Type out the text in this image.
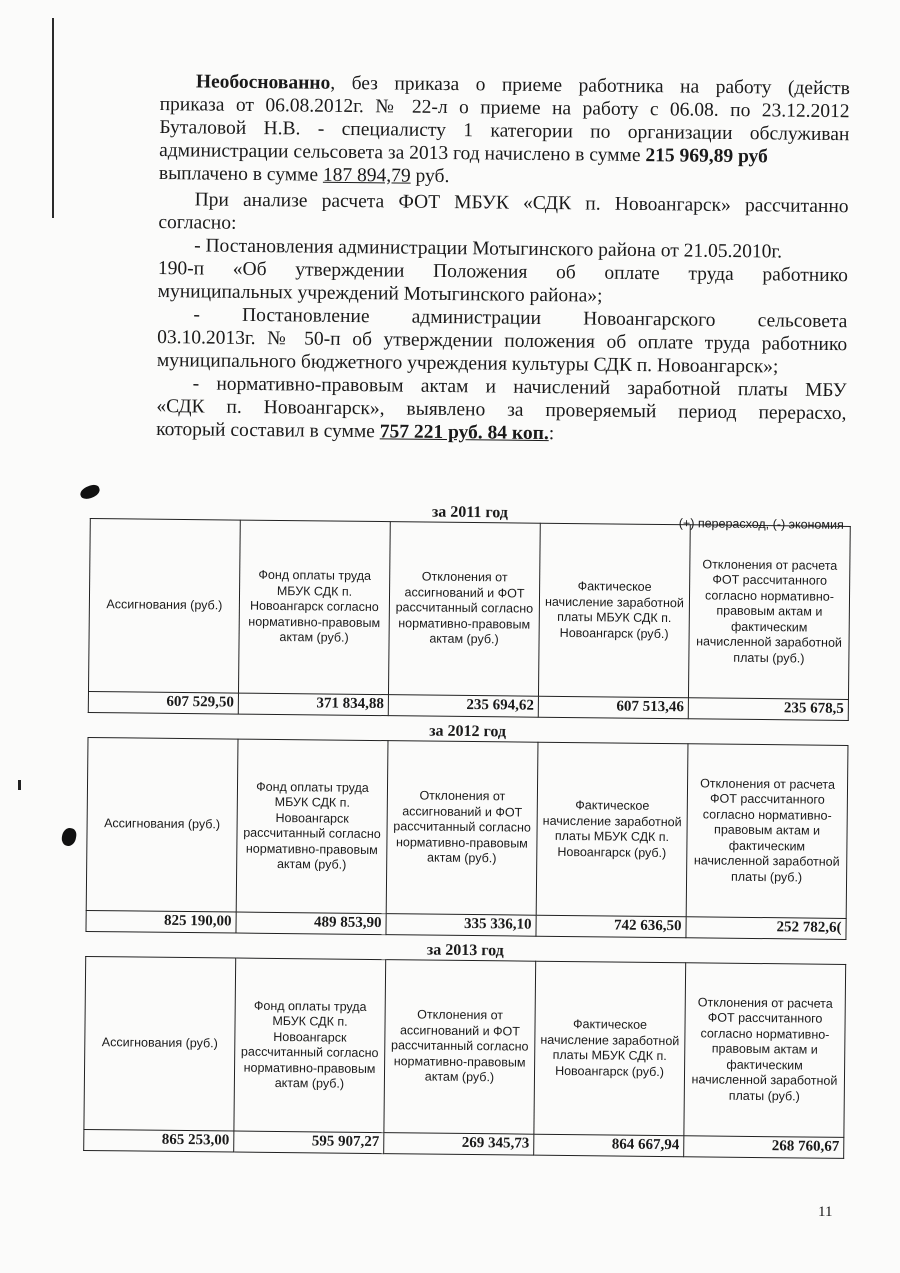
Необоснованно, без приказа о приеме работника на работу (действ
приказа от 06.08.2012г. № 22-л о приеме на работу с 06.08. по 23.12.2012
Буталовой Н.В. - специалисту 1 категории по организации обслуживан
администрации сельсовета за 2013 год начислено в сумме 215 969,89 руб
выплачено в сумме 187 894,79 руб.
При анализе расчета ФОТ МБУК «СДК п. Новоангарск» рассчитанно
согласно:
- Постановления администрации Мотыгинского района от 21.05.2010г.
190-п «Об утверждении Положения об оплате труда работнико
муниципальных учреждений Мотыгинского района»;
- Постановление администрации Новоангарского сельсовета
03.10.2013г. № 50-п об утверждении положения об оплате труда работнико
муниципального бюджетного учреждения культуры СДК п. Новоангарск»;
- нормативно-правовым актам и начислений заработной платы МБУ
«СДК п. Новоангарск», выявлено за проверяемый период перерасхо,
который составил в сумме 757 221 руб. 84 коп.:
за 2011 год
(+) перерасход, (-) экономия
Ассигнования (руб.)	Фонд оплаты труда МБУК СДК п. Новоангарск согласно нормативно-правовым актам (руб.)	Отклонения от ассигнований и ФОТ рассчитанный согласно нормативно-правовым актам (руб.)	Фактическое начисление заработной платы МБУК СДК п. Новоангарск (руб.)	Отклонения от расчета ФОТ рассчитанного согласно нормативно-правовым актам и фактическим начисленной заработной платы (руб.)
607 529,50	371 834,88	235 694,62	607 513,46	235 678,5
за 2012 год
Ассигнования (руб.)	Фонд оплаты труда МБУК СДК п. Новоангарск рассчитанный согласно нормативно-правовым актам (руб.)	Отклонения от ассигнований и ФОТ рассчитанный согласно нормативно-правовым актам (руб.)	Фактическое начисление заработной платы МБУК СДК п. Новоангарск (руб.)	Отклонения от расчета ФОТ рассчитанного согласно нормативно-правовым актам и фактическим начисленной заработной платы (руб.)
825 190,00	489 853,90	335 336,10	742 636,50	252 782,6(
за 2013 год
Ассигнования (руб.)	Фонд оплаты труда МБУК СДК п. Новоангарск рассчитанный согласно нормативно-правовым актам (руб.)	Отклонения от ассигнований и ФОТ рассчитанный согласно нормативно-правовым актам (руб.)	Фактическое начисление заработной платы МБУК СДК п. Новоангарск (руб.)	Отклонения от расчета ФОТ рассчитанного согласно нормативно-правовым актам и фактическим начисленной заработной платы (руб.)
865 253,00	595 907,27	269 345,73	864 667,94	268 760,67
11
